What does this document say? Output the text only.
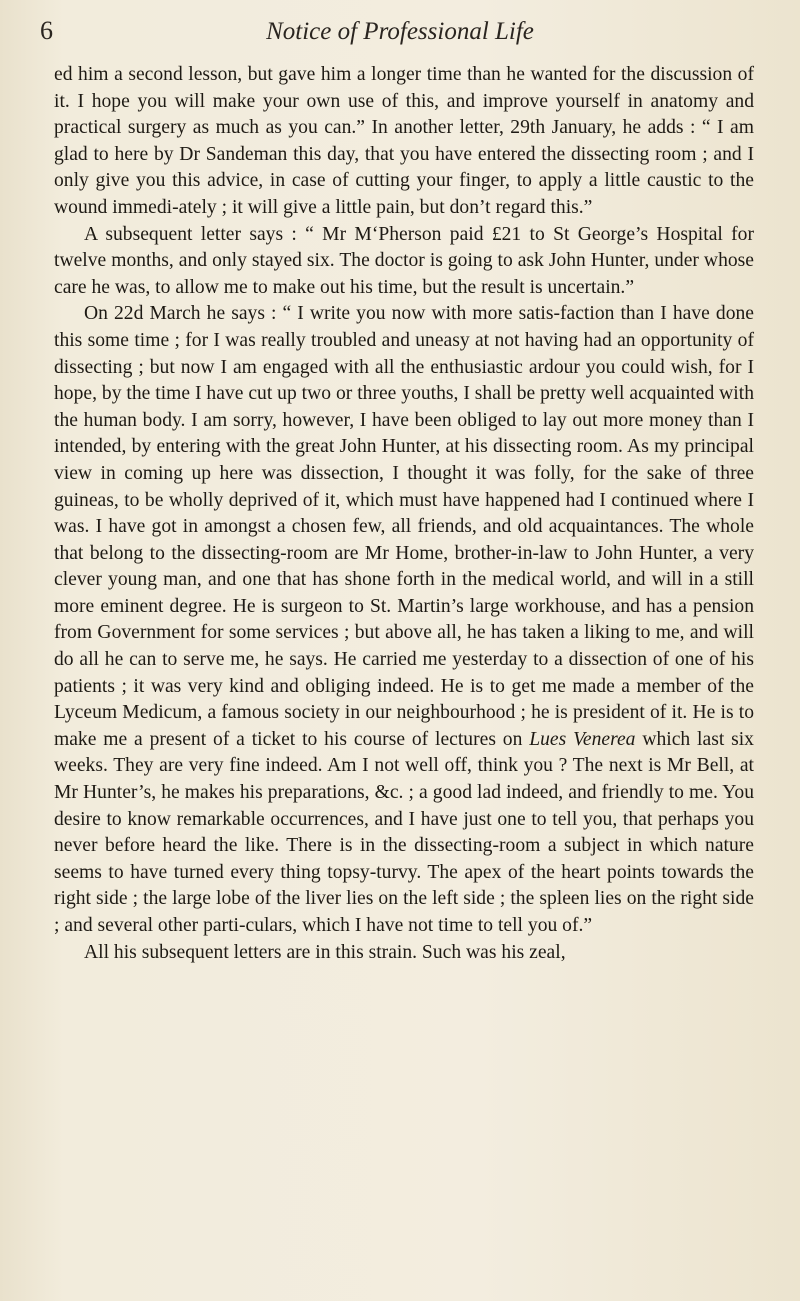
6	Notice of Professional Life

ed him a second lesson, but gave him a longer time than he wanted for the discussion of it. I hope you will make your own use of this, and improve yourself in anatomy and practical surgery as much as you can.” In another letter, 29th January, he adds : “ I am glad to here by Dr Sandeman this day, that you have entered the dissecting room ; and I only give you this advice, in case of cutting your finger, to apply a little caustic to the wound immedi-ately ; it will give a little pain, but don’t regard this.”

A subsequent letter says : “ Mr M‘Pherson paid £21 to St George’s Hospital for twelve months, and only stayed six. The doctor is going to ask John Hunter, under whose care he was, to allow me to make out his time, but the result is uncertain.”

On 22d March he says : “ I write you now with more satis-faction than I have done this some time ; for I was really troubled and uneasy at not having had an opportunity of dissecting ; but now I am engaged with all the enthusiastic ardour you could wish, for I hope, by the time I have cut up two or three youths, I shall be pretty well acquainted with the human body. I am sorry, however, I have been obliged to lay out more money than I intended, by entering with the great John Hunter, at his dissecting room. As my principal view in coming up here was dissection, I thought it was folly, for the sake of three guineas, to be wholly deprived of it, which must have happened had I continued where I was. I have got in amongst a chosen few, all friends, and old acquaintances. The whole that belong to the dissecting-room are Mr Home, brother-in-law to John Hunter, a very clever young man, and one that has shone forth in the medical world, and will in a still more eminent degree. He is surgeon to St. Martin’s large workhouse, and has a pension from Government for some services ; but above all, he has taken a liking to me, and will do all he can to serve me, he says. He carried me yesterday to a dissection of one of his patients ; it was very kind and obliging indeed. He is to get me made a member of the Lyceum Medicum, a famous society in our neighbourhood ; he is president of it. He is to make me a present of a ticket to his course of lectures on Lues Venerea which last six weeks. They are very fine indeed. Am I not well off, think you ? The next is Mr Bell, at Mr Hunter’s, he makes his preparations, &c. ; a good lad indeed, and friendly to me. You desire to know remarkable occurrences, and I have just one to tell you, that perhaps you never before heard the like. There is in the dissecting-room a subject in which nature seems to have turned every thing topsy-turvy. The apex of the heart points towards the right side ; the large lobe of the liver lies on the left side ; the spleen lies on the right side ; and several other parti-culars, which I have not time to tell you of.”

All his subsequent letters are in this strain. Such was his zeal,
